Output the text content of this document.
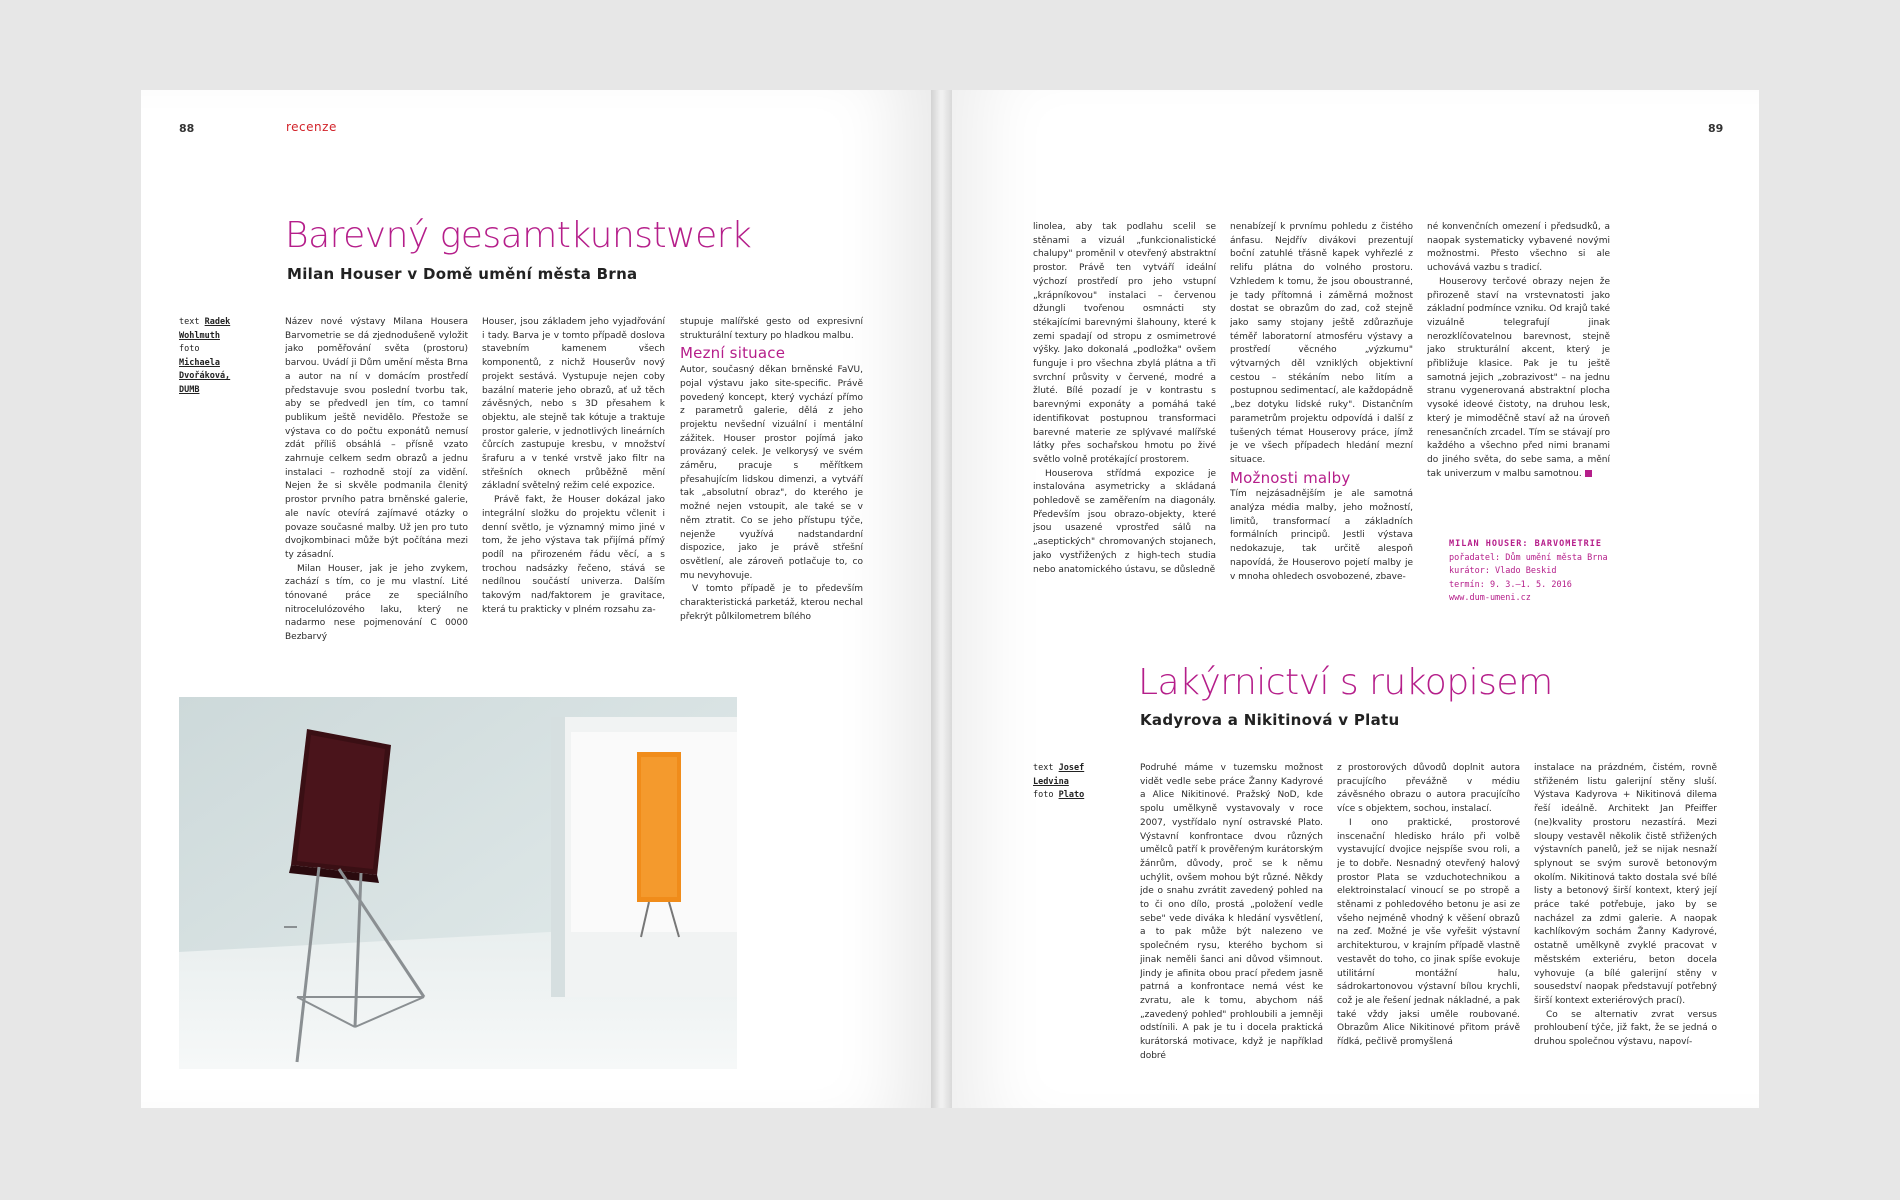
88	recenze
Barevný gesamtkunstwerk
Milan Houser v Domě umění města Brna
text Radek Wohlmuth
foto Michaela Dvořáková, DUMB

Název nové výstavy Milana Housera Barvometrie se dá zjednodušeně vyložit jako poměřování světa (prostoru) barvou. Uvádí ji Dům umění města Brna a autor na ní v domácím prostředí představuje svou poslední tvorbu tak, aby se předvedl jen tím, co tamní publikum ještě nevidělo. Přestože se výstava co do počtu exponátů nemusí zdát příliš obsáhlá – přísně vzato zahrnuje celkem sedm obrazů a jednu instalaci – rozhodně stojí za vidění. Nejen že si skvěle podmanila členitý prostor prvního patra brněnské galerie, ale navíc otevírá zajímavé otázky o povaze současné malby. Už jen pro tuto dvojkombinaci může být počítána mezi ty zásadní.

Milan Houser, jak je jeho zvykem, zachází s tím, co je mu vlastní. Lité tónované práce ze speciálního nitrocelulózového laku, který ne nadarmo nese pojmenování C 0000 Bezbarvý

Houser, jsou základem jeho vyjadřování i tady. Barva je v tomto případě doslova stavebním kamenem všech komponentů, z nichž Houserův nový projekt sestává. Vystupuje nejen coby bazální materie jeho obrazů, ať už těch závěsných, nebo s 3D přesahem k objektu, ale stejně tak kótuje a traktuje prostor galerie, v jednotlivých lineárních čůrcích zastupuje kresbu, v množství šrafuru a v tenké vrstvě jako filtr na střešních oknech průběžně mění základní světelný režim celé expozice.

Právě fakt, že Houser dokázal jako integrální složku do projektu včlenit i denní světlo, je významný mimo jiné v tom, že jeho výstava tak přijímá přímý podíl na přirozeném řádu věcí, a s trochou nadsázky řečeno, stává se nedílnou součástí univerza. Dalším takovým nad/faktorem je gravitace, která tu prakticky v plném rozsahu za-

stupuje malířské gesto od expresivní strukturální textury po hladkou malbu.

Mezní situace

Autor, současný děkan brněnské FaVU, pojal výstavu jako site-specific. Právě povedený koncept, který vychází přímo z parametrů galerie, dělá z jeho projektu nevšední vizuální i mentální zážitek. Houser prostor pojímá jako provázaný celek. Je velkorysý ve svém záměru, pracuje s měřítkem přesahujícím lidskou dimenzi, a vytváří tak „absolutní obraz", do kterého je možné nejen vstoupit, ale také se v něm ztratit. Co se jeho přístupu týče, nejenže využívá nadstandardní dispozice, jako je právě střešní osvětlení, ale zároveň potlačuje to, co mu nevyhovuje.

V tomto případě je to především charakteristická parketáž, kterou nechal překrýt půlkilometrem bílého

89

linolea, aby tak podlahu scelil se stěnami a vizuál „funkcionalistické chalupy" proměnil v otevřený abstraktní prostor. Právě ten vytváří ideální výchozí prostředí pro jeho vstupní „krápníkovou" instalaci – červenou džungli tvořenou osmnácti sty stékajícími barevnými šlahouny, které k zemi spadají od stropu z osmimetrové výšky. Jako dokonalá „podložka" ovšem funguje i pro všechna zbylá plátna a tři svrchní průsvity v červené, modré a žluté. Bílé pozadí je v kontrastu s barevnými exponáty a pomáhá také identifikovat postupnou transformaci barevné materie ze splývavé malířské látky přes sochařskou hmotu po živé světlo volně protékající prostorem.

Houserova střídmá expozice je instalována asymetricky a skládaná pohledově se zaměřením na diagonály. Především jsou obrazo-objekty, které jsou usazené vprostřed sálů na „aseptických" chromovaných stojanech, jako vystřižených z high-tech studia nebo anatomického ústavu, se důsledně

nenabízejí k prvnímu pohledu z čistého ánfasu. Nejdřív divákovi prezentují boční zatuhlé třásně kapek vyhřezlé z relifu plátna do volného prostoru. Vzhledem k tomu, že jsou oboustranné, je tady přítomná i záměrná možnost dostat se obrazům do zad, což stejně jako samy stojany ještě zdůrazňuje téměř laboratorní atmosféru výstavy a prostředí věcného „výzkumu" výtvarných děl vzniklých objektivní cestou – stékáním nebo litím a postupnou sedimentací, ale každopádně „bez dotyku lidské ruky". Distančním parametrům projektu odpovídá i další z tušených témat Houserovy práce, jímž je ve všech případech hledání mezní situace.

Možnosti malby

Tím nejzásadnějším je ale samotná analýza média malby, jeho možností, limitů, transformací a základních formálních principů. Jestli výstava nedokazuje, tak určitě alespoň napovídá, že Houserovo pojetí malby je v mnoha ohledech osvobozené, zbave-

né konvenčních omezení i předsudků, a naopak systematicky vybavené novými možnostmi. Přesto všechno si ale uchovává vazbu s tradicí.

Houserovy terčové obrazy nejen že přirozeně staví na vrstevnatosti jako základní podmínce vzniku. Od krajů také vizuálně telegrafují jinak nerozklíčovatelnou barevnost, stejně jako strukturální akcent, který je přibližuje klasice. Pak je tu ještě samotná jejich „zobrazivost" – na jednu stranu vygenerovaná abstraktní plocha vysoké ideové čistoty, na druhou lesk, který je mimoděčně staví až na úroveň renesančních zrcadel. Tím se stávají pro každého a všechno před nimi branami do jiného světa, do sebe sama, a mění tak univerzum v malbu samotnou.

MILAN HOUSER: BARVOMETRIE
pořadatel: Dům umění města Brna
kurátor: Vlado Beskid
termín: 9. 3.–1. 5. 2016
www.dum-umeni.cz
Lakýrnictví s rukopisem
Kadyrova a Nikitinová v Platu
text Josef Ledvina
foto Plato

Podruhé máme v tuzemsku možnost vidět vedle sebe práce Žanny Kadyrové a Alice Nikitinové. Pražský NoD, kde spolu umělkyně vystavovaly v roce 2007, vystřídalo nyní ostravské Plato. Výstavní konfrontace dvou různých umělců patří k prověřeným kurátorským žánrům, důvody, proč se k němu uchýlit, ovšem mohou být různé. Někdy jde o snahu zvrátit zavedený pohled na to či ono dílo, prostá „položení vedle sebe" vede diváka k hledání vysvětlení, a to pak může být nalezeno ve společném rysu, kterého bychom si jinak neměli šanci ani důvod všimnout. Jindy je afinita obou prací předem jasně patrná a konfrontace nemá vést ke zvratu, ale k tomu, abychom náš „zavedený pohled" prohloubili a jemněji odstínili. A pak je tu i docela praktická kurátorská motivace, když je například dobré

z prostorových důvodů doplnit autora pracujícího převážně v médiu závěsného obrazu o autora pracujícího více s objektem, sochou, instalací.

I ono praktické, prostorové inscenační hledisko hrálo při volbě vystavující dvojice nejspíše svou roli, a je to dobře. Nesnadný otevřený halový prostor Plata se vzduchotechnikou a elektroinstalací vinoucí se po stropě a stěnami z pohledového betonu je asi ze všeho nejméně vhodný k věšení obrazů na zeď. Možné je vše vyřešit výstavní architekturou, v krajním případě vlastně vestavět do toho, co jinak spíše evokuje utilitární montážní halu, sádrokartonovou výstavní bílou krychli, což je ale řešení jednak nákladné, a pak také vždy jaksi uměle roubované. Obrazům Alice Nikitinové přitom právě řídká, pečlivě promyšlená

instalace na prázdném, čistém, rovně střiženém listu galerijní stěny sluší. Výstava Kadyrova + Nikitinová dilema řeší ideálně. Architekt Jan Pfeiffer (ne)kvality prostoru nezastírá. Mezi sloupy vestavěl několik čistě střižených výstavních panelů, jež se nijak nesnaží splynout se svým surově betonovým okolím. Nikitinová takto dostala své bílé listy a betonový širší kontext, který její práce také potřebuje, jako by se nacházel za zdmi galerie. A naopak kachlíkovým sochám Žanny Kadyrové, ostatně umělkyně zvyklé pracovat v městském exteriéru, beton docela vyhovuje (a bílé galerijní stěny v sousedství naopak představují potřebný širší kontext exteriérových prací).

Co se alternativ zvrat versus prohloubení týče, již fakt, že se jedná o druhou společnou výstavu, napoví-
